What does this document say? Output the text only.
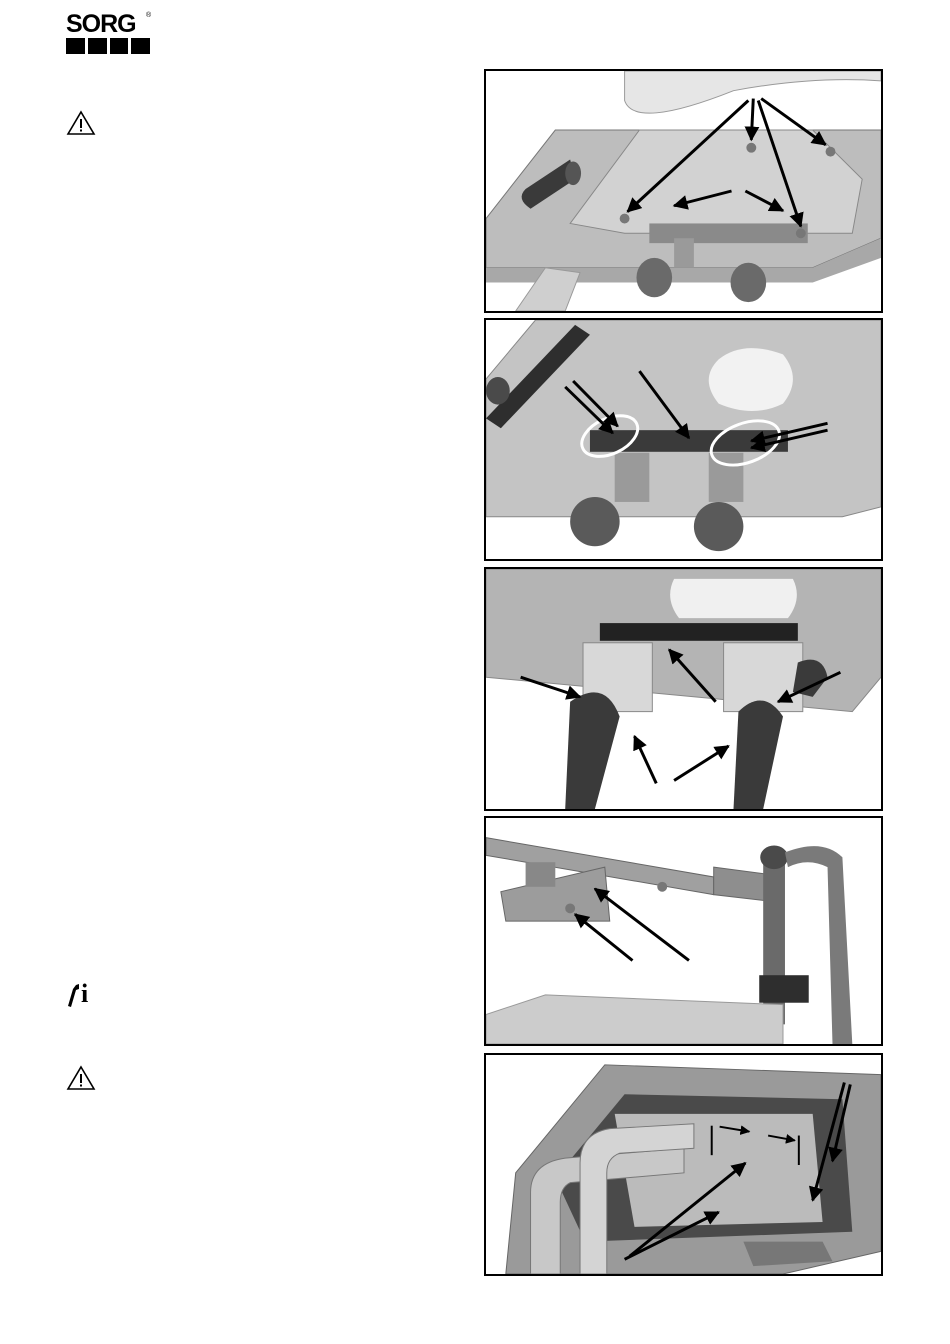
SORG ®
i
